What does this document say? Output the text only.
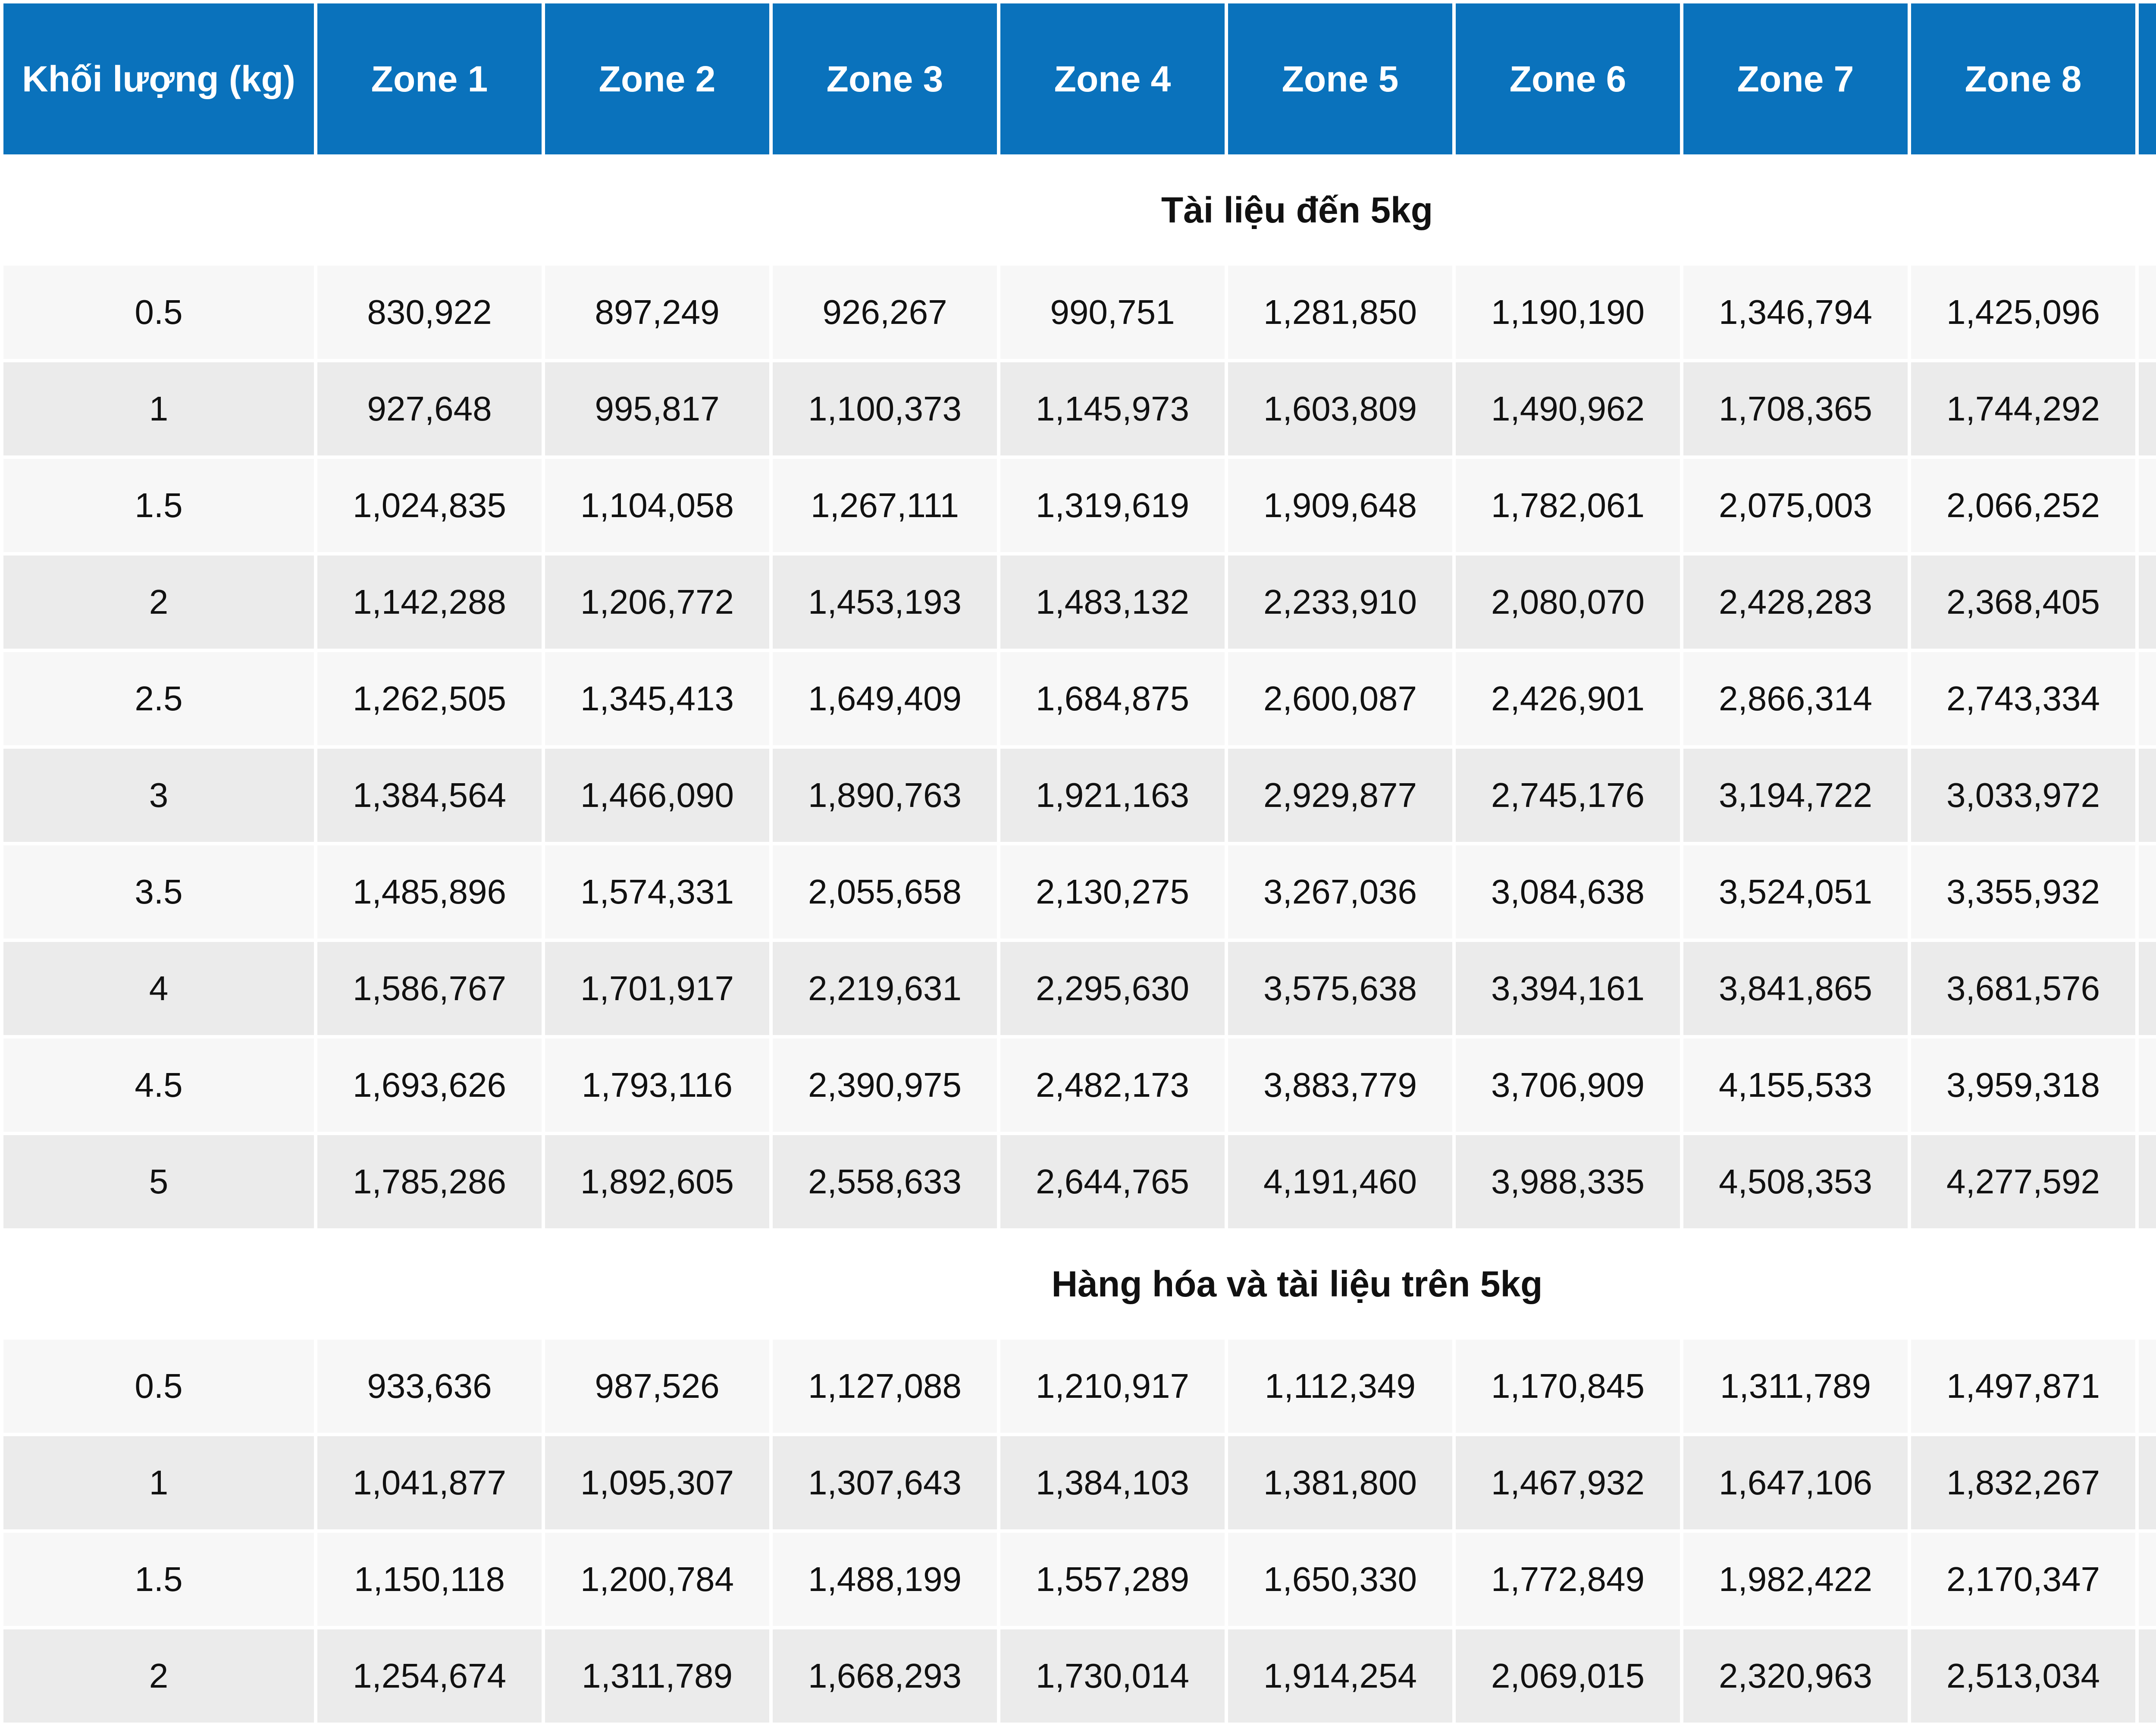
Khối lượng (kg)	Zone 1	Zone 2	Zone 3	Zone 4	Zone 5	Zone 6	Zone 7	Zone 8		
Tài liệu đến 5kg										
0.5	830,922	897,249	926,267	990,751	1,281,850	1,190,190	1,346,794	1,425,096		
1	927,648	995,817	1,100,373	1,145,973	1,603,809	1,490,962	1,708,365	1,744,292		
1.5	1,024,835	1,104,058	1,267,111	1,319,619	1,909,648	1,782,061	2,075,003	2,066,252		
2	1,142,288	1,206,772	1,453,193	1,483,132	2,233,910	2,080,070	2,428,283	2,368,405		
2.5	1,262,505	1,345,413	1,649,409	1,684,875	2,600,087	2,426,901	2,866,314	2,743,334		
3	1,384,564	1,466,090	1,890,763	1,921,163	2,929,877	2,745,176	3,194,722	3,033,972		
3.5	1,485,896	1,574,331	2,055,658	2,130,275	3,267,036	3,084,638	3,524,051	3,355,932		
4	1,586,767	1,701,917	2,219,631	2,295,630	3,575,638	3,394,161	3,841,865	3,681,576		
4.5	1,693,626	1,793,116	2,390,975	2,482,173	3,883,779	3,706,909	4,155,533	3,959,318		
5	1,785,286	1,892,605	2,558,633	2,644,765	4,191,460	3,988,335	4,508,353	4,277,592		
Hàng hóa và tài liệu trên 5kg										
0.5	933,636	987,526	1,127,088	1,210,917	1,112,349	1,170,845	1,311,789	1,497,871		
1	1,041,877	1,095,307	1,307,643	1,384,103	1,381,800	1,467,932	1,647,106	1,832,267		
1.5	1,150,118	1,200,784	1,488,199	1,557,289	1,650,330	1,772,849	1,982,422	2,170,347		
2	1,254,674	1,311,789	1,668,293	1,730,014	1,914,254	2,069,015	2,320,963	2,513,034		
